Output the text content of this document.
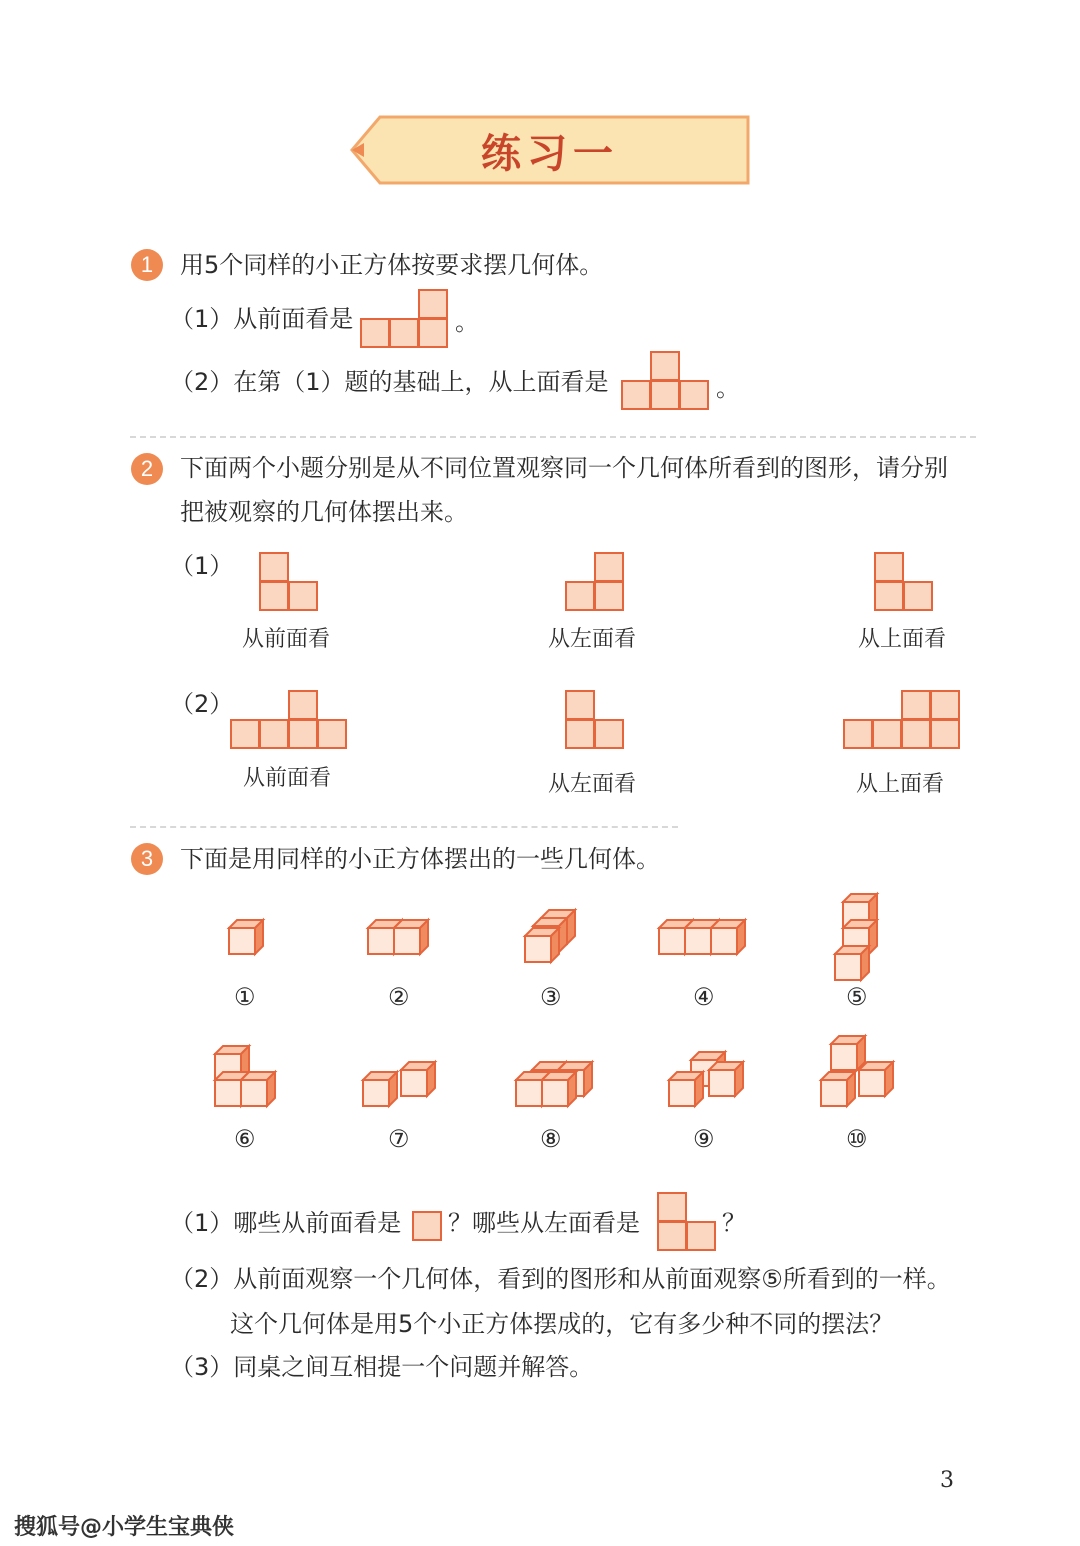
练习一
1	用5个同样的小正方体按要求摆几何体。
（1）从前面看是	。
（2）在第（1）题的基础上，从上面看是	。
2	下面两个小题分别是从不同位置观察同一个几何体所看到的图形，请分别
把被观察的几何体摆出来。
（1）
从前面看	从左面看	从上面看
（2）
从前面看	从左面看	从上面看
3	下面是用同样的小正方体摆出的一些几何体。
①	②	③	④	⑤
⑥	⑦	⑧	⑨	⑩
（1）哪些从前面看是 ？哪些从左面看是	？
（2）从前面观察一个几何体，看到的图形和从前面观察⑤所看到的一样。
这个几何体是用5个小正方体摆成的，它有多少种不同的摆法？
（3）同桌之间互相提一个问题并解答。
3
搜狐号@小学生宝典侠
